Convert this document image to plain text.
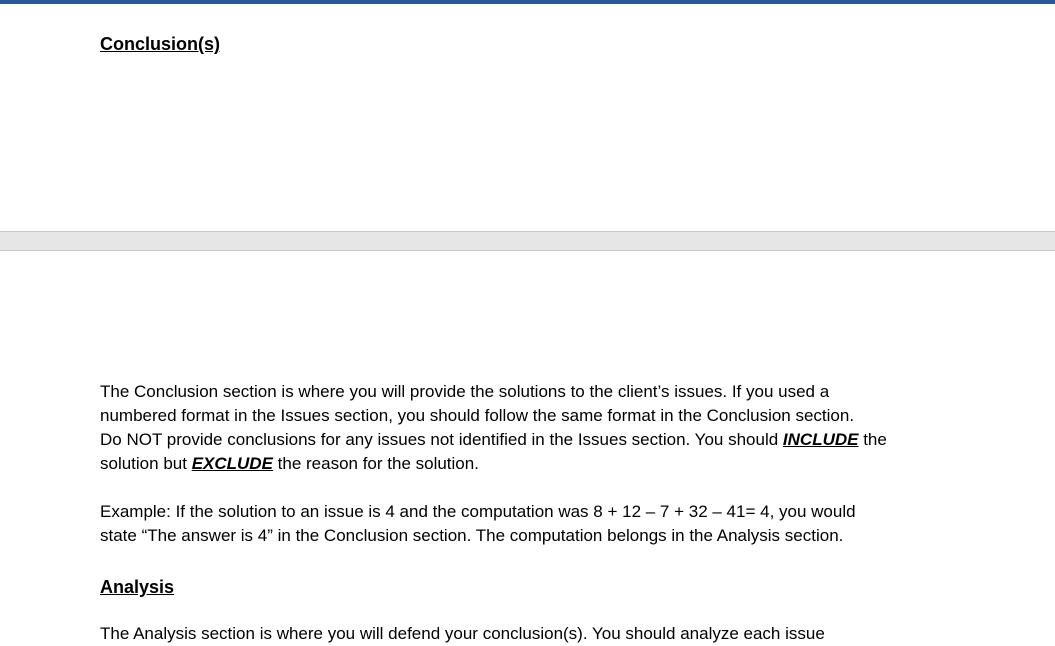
Conclusion(s)

The Conclusion section is where you will provide the solutions to the client’s issues. If you used a
numbered format in the Issues section, you should follow the same format in the Conclusion section.
Do NOT provide conclusions for any issues not identified in the Issues section. You should INCLUDE the
solution but EXCLUDE the reason for the solution.

Example: If the solution to an issue is 4 and the computation was 8 + 12 – 7 + 32 – 41= 4, you would
state “The answer is 4” in the Conclusion section. The computation belongs in the Analysis section.

Analysis

The Analysis section is where you will defend your conclusion(s). You should analyze each issue
